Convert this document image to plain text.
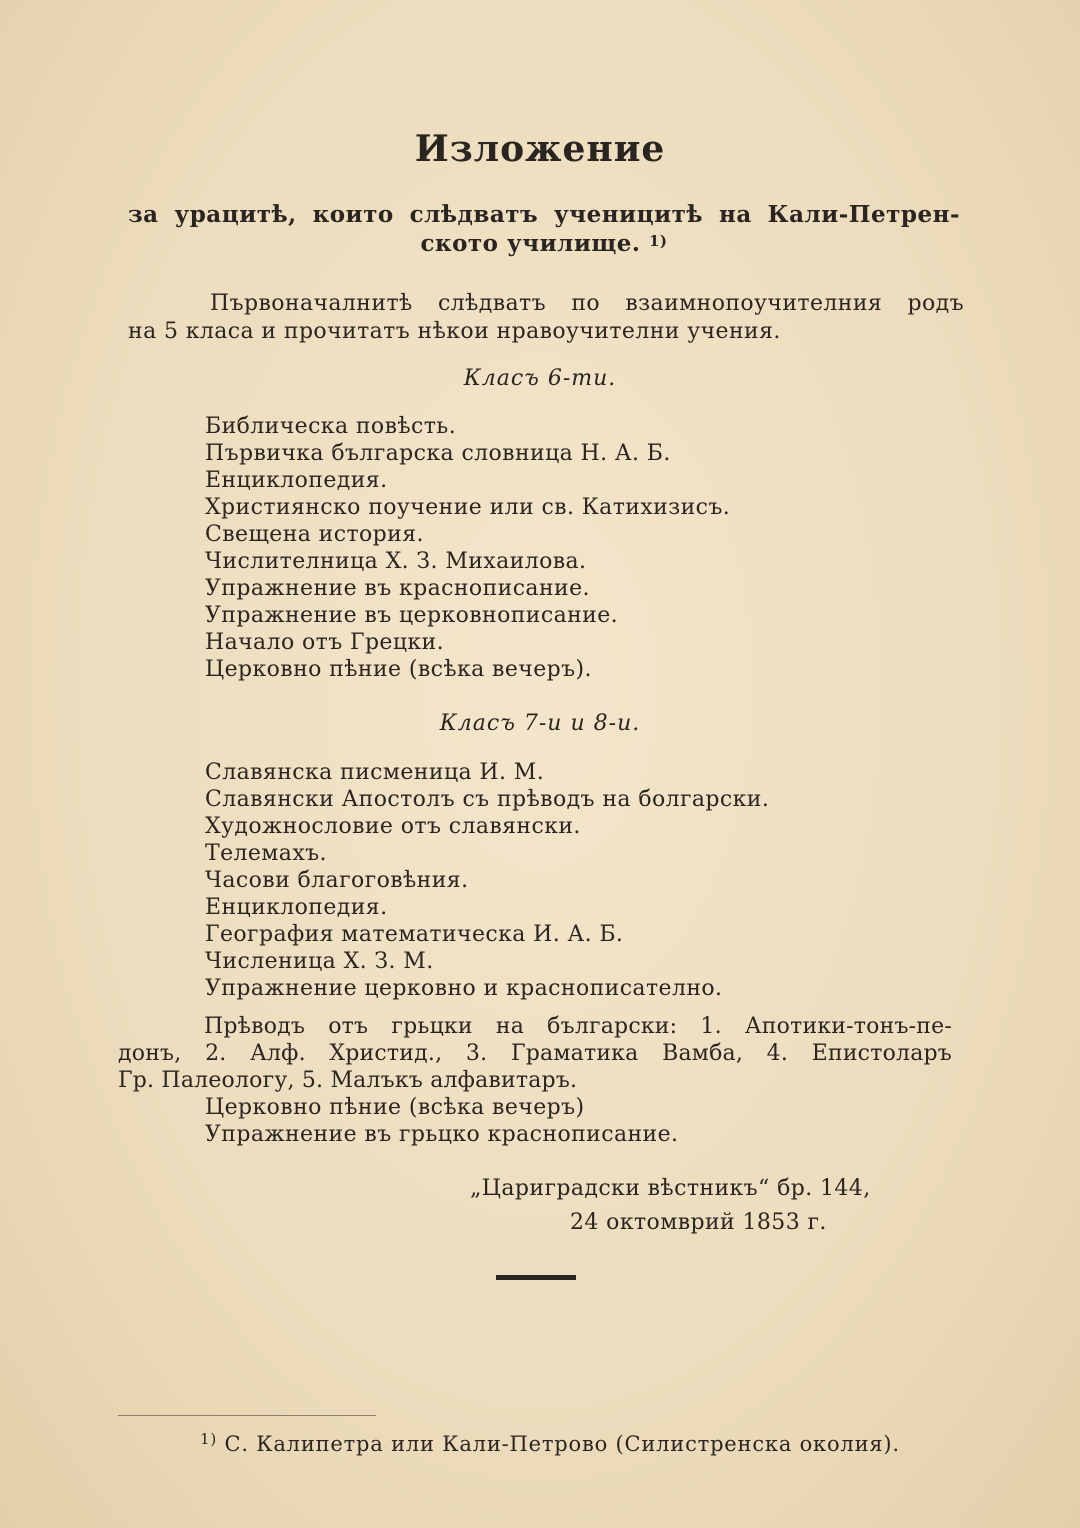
Изложение
за урацитѣ, които слѣдватъ ученицитѣ на Кали-Петрен-
ското училище. $^{1)}$
Първоначалнитѣ слѣдватъ по взаимнопоучителния родъ
на 5 класа и прочитатъ нѣкои нравоучителни учения.
Класъ 6-ти.
Библическа повѣсть.
Първичка българска словница Н. А. Б.
Енциклопедия.
Християнско поучение или св. Катихизисъ.
Свещена история.
Числителница Х. З. Михаилова.
Упражнение въ краснописание.
Упражнение въ церковнописание.
Начало отъ Грецки.
Церковно пѣние (всѣка вечеръ).
Класъ 7-и и 8-и.
Славянска писменица И. М.
Славянски Апостолъ съ прѣводъ на болгарски.
Художнословие отъ славянски.
Телемахъ.
Часови благоговѣния.
Енциклопедия.
География математическа И. А. Б.
Численица Х. З. М.
Упражнение церковно и краснописателно.
Прѣводъ отъ грьцки на български: 1. Апотики-тонъ-пе-
донъ, 2. Алф. Христид., 3. Граматика Вамба, 4. Епистоларъ
Гр. Палеологу, 5. Малъкъ алфавитаръ.
Церковно пѣние (всѣка вечеръ)
Упражнение въ грьцко краснописание.
„Цариградски вѣстникъ“ бр. 144,
24 октомврий 1853 г.
$^{1)}$ С. Калипетра или Кали-Петрово (Силистренска околия).
